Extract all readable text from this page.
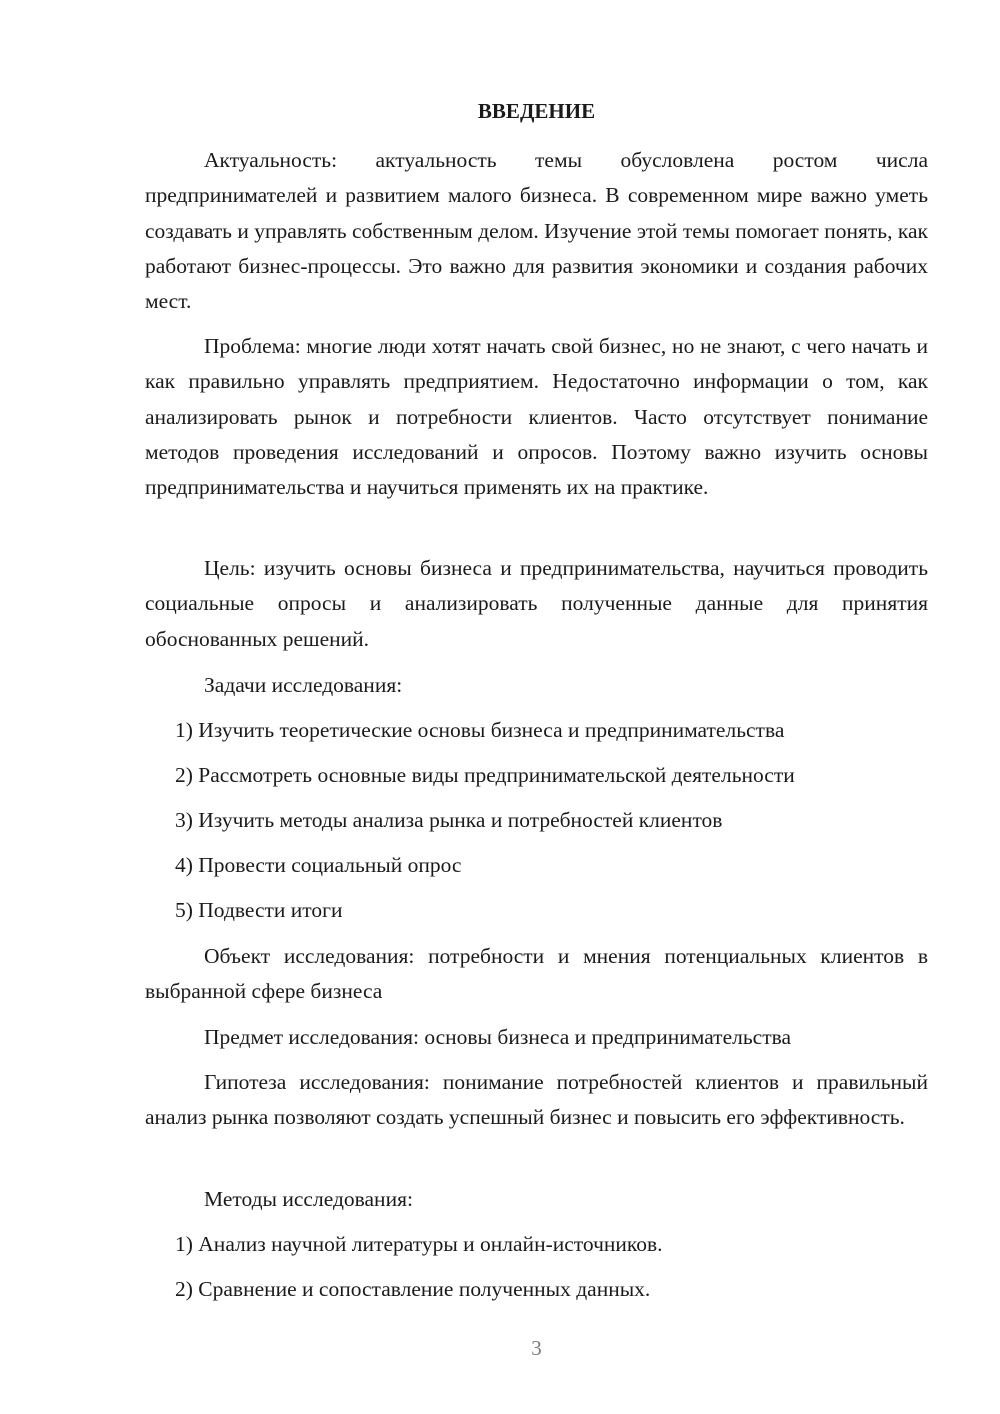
ВВЕДЕНИЕ

Актуальность: актуальность темы обусловлена ростом числа предпринимателей и развитием малого бизнеса. В современном мире важно уметь создавать и управлять собственным делом. Изучение этой темы помогает понять, как работают бизнес-процессы. Это важно для развития экономики и создания рабочих мест.

Проблема: многие люди хотят начать свой бизнес, но не знают, с чего начать и как правильно управлять предприятием. Недостаточно информации о том, как анализировать рынок и потребности клиентов. Часто отсутствует понимание методов проведения исследований и опросов. Поэтому важно изучить основы предпринимательства и научиться применять их на практике.

Цель: изучить основы бизнеса и предпринимательства, научиться проводить социальные опросы и анализировать полученные данные для принятия обоснованных решений.

Задачи исследования:

1) Изучить теоретические основы бизнеса и предпринимательства

2) Рассмотреть основные виды предпринимательской деятельности

3) Изучить методы анализа рынка и потребностей клиентов

4) Провести социальный опрос

5) Подвести итоги

Объект исследования: потребности и мнения потенциальных клиентов в выбранной сфере бизнеса

Предмет исследования: основы бизнеса и предпринимательства

Гипотеза исследования: понимание потребностей клиентов и правильный анализ рынка позволяют создать успешный бизнес и повысить его эффективность.

Методы исследования:

1) Анализ научной литературы и онлайн-источников.

2) Сравнение и сопоставление полученных данных.

3
